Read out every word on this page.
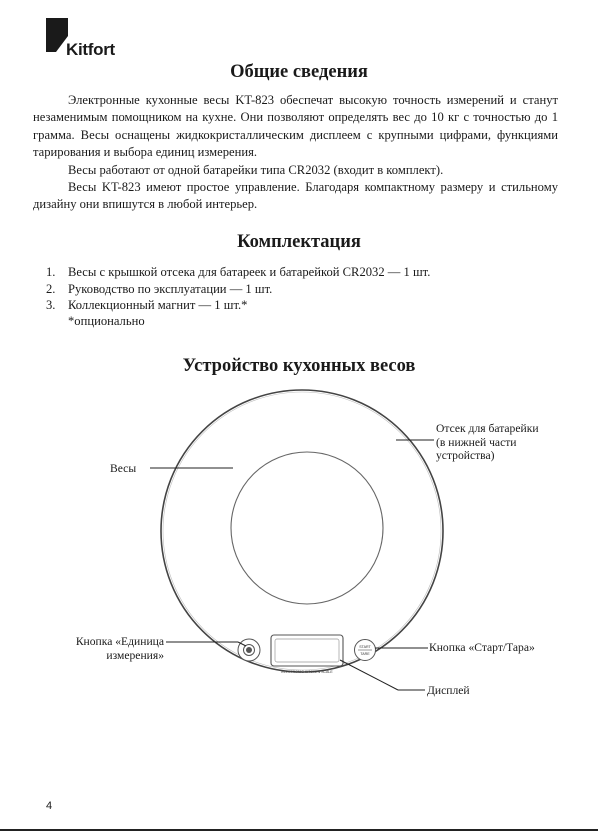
Kitfort
Общие сведения
Электронные кухонные весы KT-823 обеспечат высокую точность измерений и станут незаменимым помощником на кухне. Они позволяют определять вес до 10 кг с точностью до 1 грамма. Весы оснащены жидкокристаллическим дисплеем с крупными цифрами, функциями тарирования и выбора единиц измерения.
Весы работают от одной батарейки типа CR2032 (входит в комплект).
Весы KT-823 имеют простое управление. Благодаря компактному размеру и стильному дизайну они впишутся в любой интерьер.
Комплектация
1. Весы с крышкой отсека для батареек и батарейкой CR2032 — 1 шт.
2. Руководство по эксплуатации — 1 шт.
3. Коллекционный магнит — 1 шт.*
*опционально
Устройство кухонных весов
ELECTRONIC KITCHEN SCALE
START
TARE
Весы
Отсек для батарейки
(в нижней части
устройства)
Кнопка «Единица
измерения»
Кнопка «Старт/Тара»
Дисплей
4
